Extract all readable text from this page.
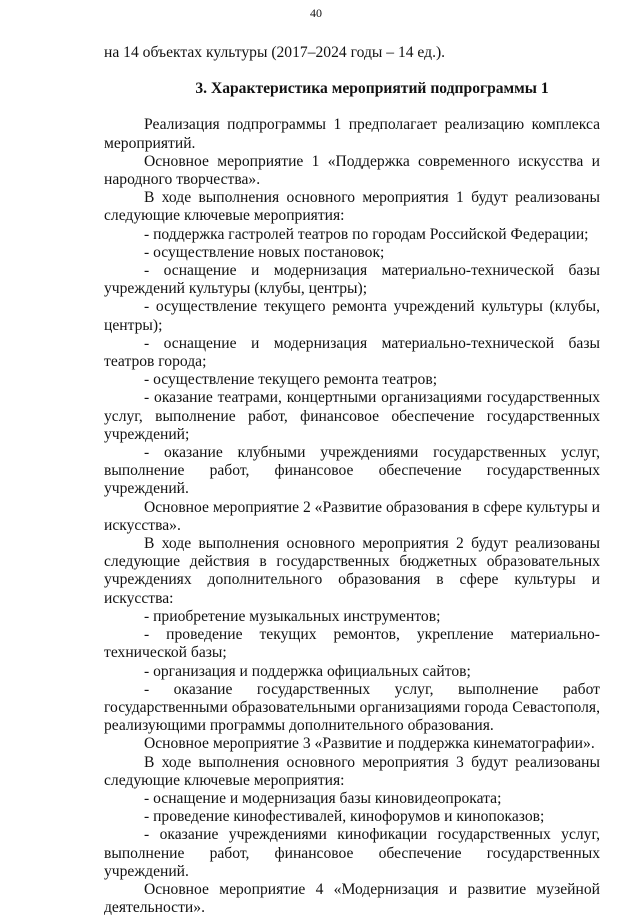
40

на 14 объектах культуры (2017–2024 годы – 14 ед.).

3. Характеристика мероприятий подпрограммы 1

Реализация подпрограммы 1 предполагает реализацию комплекса мероприятий.

Основное мероприятие 1 «Поддержка современного искусства и народного творчества».

В ходе выполнения основного мероприятия 1 будут реализованы следующие ключевые мероприятия:

- поддержка гастролей театров по городам Российской Федерации;

- осуществление новых постановок;

- оснащение и модернизация материально-технической базы учреждений культуры (клубы, центры);

- осуществление текущего ремонта учреждений культуры (клубы, центры);

- оснащение и модернизация материально-технической базы театров города;

- осуществление текущего ремонта театров;

- оказание театрами, концертными организациями государственных услуг, выполнение работ, финансовое обеспечение государственных учреждений;

- оказание клубными учреждениями государственных услуг, выполнение работ, финансовое обеспечение государственных учреждений.

Основное мероприятие 2 «Развитие образования в сфере культуры и искусства».

В ходе выполнения основного мероприятия 2 будут реализованы следующие действия в государственных бюджетных образовательных учреждениях дополнительного образования в сфере культуры и искусства:

- приобретение музыкальных инструментов;

- проведение текущих ремонтов, укрепление материально-технической базы;

- организация и поддержка официальных сайтов;

- оказание государственных услуг, выполнение работ государственными образовательными организациями города Севастополя, реализующими программы дополнительного образования.

Основное мероприятие 3 «Развитие и поддержка кинематографии».

В ходе выполнения основного мероприятия 3 будут реализованы следующие ключевые мероприятия:

- оснащение и модернизация базы киновидеопроката;

- проведение кинофестивалей, кинофорумов и кинопоказов;

- оказание учреждениями кинофикации государственных услуг, выполнение работ, финансовое обеспечение государственных учреждений.

Основное мероприятие 4 «Модернизация и развитие музейной деятельности».
